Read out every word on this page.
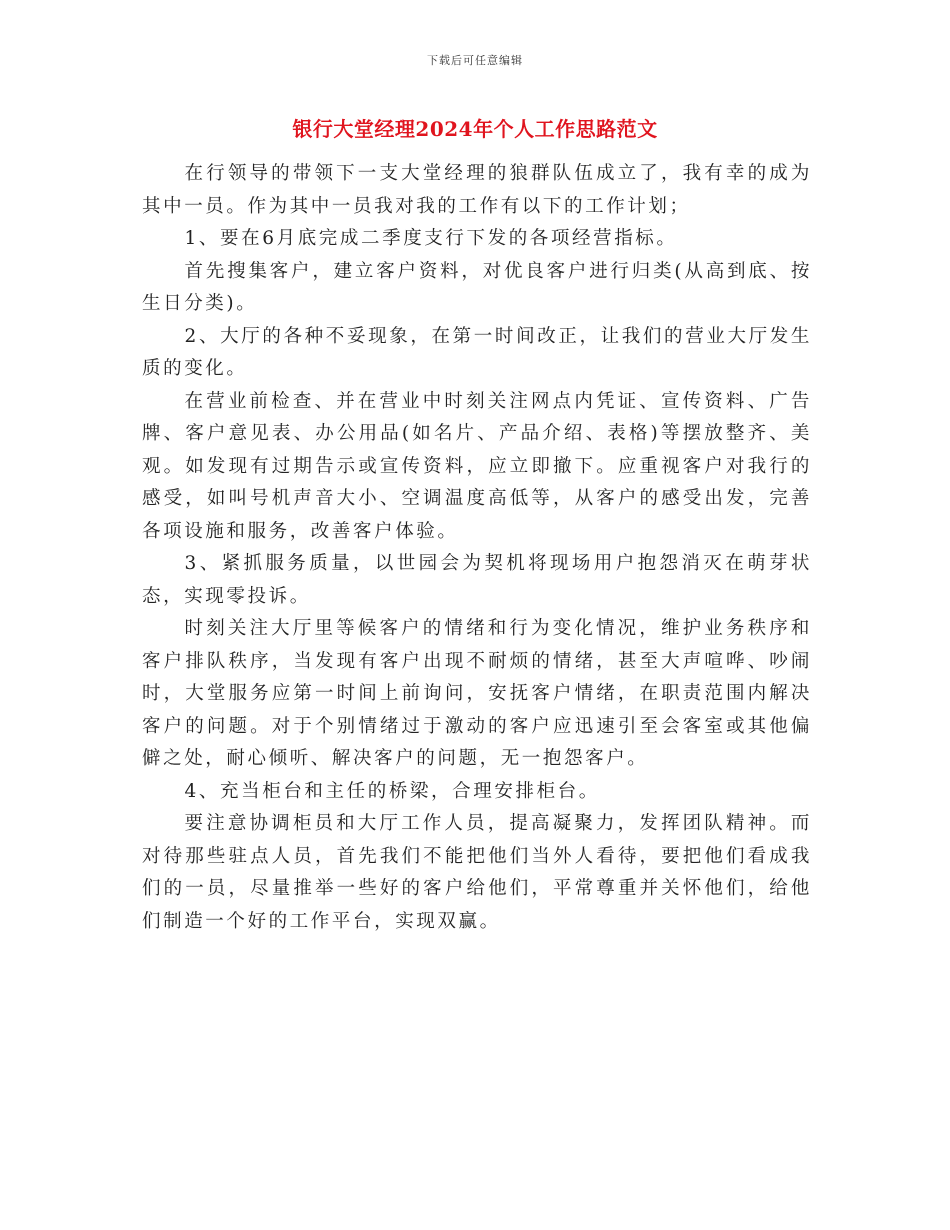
下载后可任意编辑
银行大堂经理2024年个人工作思路范文

在行领导的带领下一支大堂经理的狼群队伍成立了，我有幸的成为其中一员。作为其中一员我对我的工作有以下的工作计划；

1、要在6月底完成二季度支行下发的各项经营指标。

首先搜集客户，建立客户资料，对优良客户进行归类(从高到底、按生日分类)。

2、大厅的各种不妥现象，在第一时间改正，让我们的营业大厅发生质的变化。

在营业前检查、并在营业中时刻关注网点内凭证、宣传资料、广告牌、客户意见表、办公用品(如名片、产品介绍、表格)等摆放整齐、美观。如发现有过期告示或宣传资料，应立即撤下。应重视客户对我行的感受，如叫号机声音大小、空调温度高低等，从客户的感受出发，完善各项设施和服务，改善客户体验。

3、紧抓服务质量，以世园会为契机将现场用户抱怨消灭在萌芽状态，实现零投诉。

时刻关注大厅里等候客户的情绪和行为变化情况，维护业务秩序和客户排队秩序，当发现有客户出现不耐烦的情绪，甚至大声喧哗、吵闹时，大堂服务应第一时间上前询问，安抚客户情绪，在职责范围内解决客户的问题。对于个别情绪过于激动的客户应迅速引至会客室或其他偏僻之处，耐心倾听、解决客户的问题，无一抱怨客户。

4、充当柜台和主任的桥梁，合理安排柜台。

要注意协调柜员和大厅工作人员，提高凝聚力，发挥团队精神。而对待那些驻点人员，首先我们不能把他们当外人看待，要把他们看成我们的一员，尽量推举一些好的客户给他们，平常尊重并关怀他们，给他们制造一个好的工作平台，实现双赢。
